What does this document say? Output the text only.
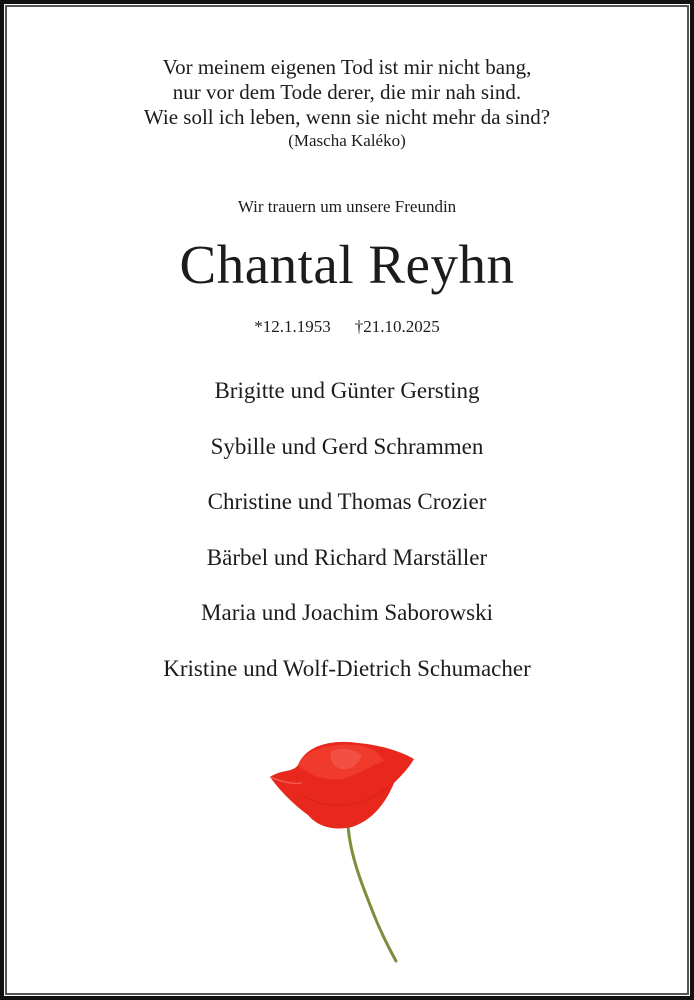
Vor meinem eigenen Tod ist mir nicht bang,
nur vor dem Tode derer, die mir nah sind.
Wie soll ich leben, wenn sie nicht mehr da sind?
(Mascha Kaléko)
Wir trauern um unsere Freundin
Chantal Reyhn
*12.1.1953 †21.10.2025
Brigitte und Günter Gersting
Sybille und Gerd Schrammen
Christine und Thomas Crozier
Bärbel und Richard Marställer
Maria und Joachim Saborowski
Kristine und Wolf-Dietrich Schumacher
